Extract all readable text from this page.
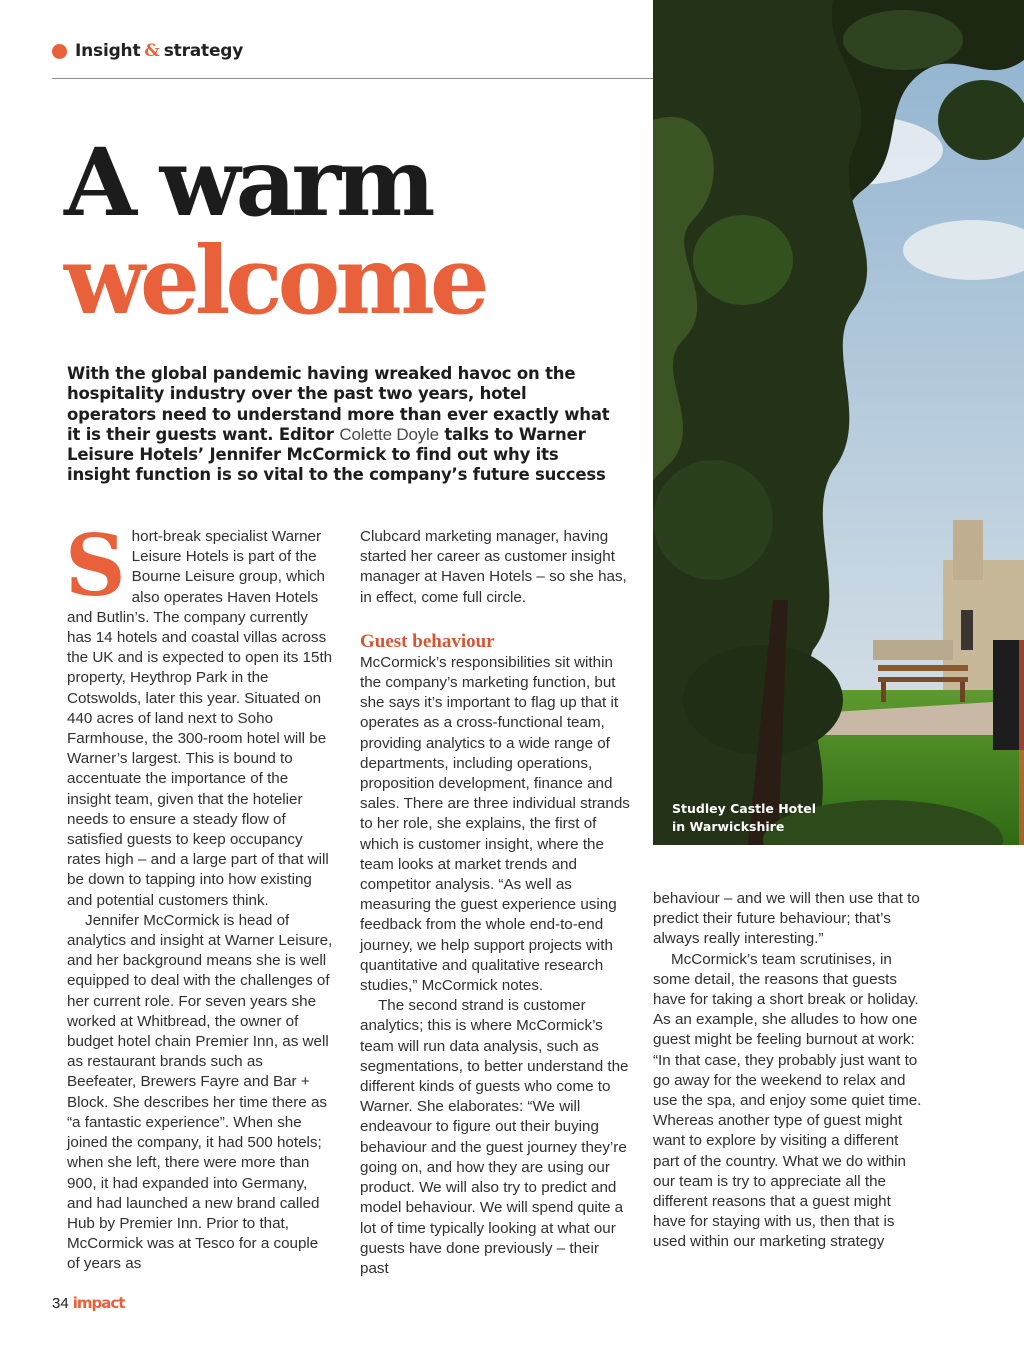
Insight & strategy
A warm
welcome
With the global pandemic having wreaked havoc on the hospitality industry over the past two years, hotel operators need to understand more than ever exactly what it is their guests want. Editor Colette Doyle talks to Warner Leisure Hotels’ Jennifer McCormick to find out why its insight function is so vital to the company’s future success
S hort-break specialist Warner Leisure Hotels is part of the Bourne Leisure group, which also operates Haven Hotels and Butlin’s. The company currently has 14 hotels and coastal villas across the UK and is expected to open its 15th property, Heythrop Park in the Cotswolds, later this year. Situated on 440 acres of land next to Soho Farmhouse, the 300-room hotel will be Warner’s largest. This is bound to accentuate the importance of the insight team, given that the hotelier needs to ensure a steady flow of satisfied guests to keep occupancy rates high – and a large part of that will be down to tapping into how existing and potential customers think.

Jennifer McCormick is head of analytics and insight at Warner Leisure, and her background means she is well equipped to deal with the challenges of her current role. For seven years she worked at Whitbread, the owner of budget hotel chain Premier Inn, as well as restaurant brands such as Beefeater, Brewers Fayre and Bar + Block. She describes her time there as “a fantastic experience”. When she joined the company, it had 500 hotels; when she left, there were more than 900, it had expanded into Germany, and had launched a new brand called Hub by Premier Inn. Prior to that, McCormick was at Tesco for a couple of years as

Clubcard marketing manager, having started her career as customer insight manager at Haven Hotels – so she has, in effect, come full circle.

Guest behaviour

McCormick’s responsibilities sit within the company’s marketing function, but she says it’s important to flag up that it operates as a cross-functional team, providing analytics to a wide range of departments, including operations, proposition development, finance and sales. There are three individual strands to her role, she explains, the first of which is customer insight, where the team looks at market trends and competitor analysis. “As well as measuring the guest experience using feedback from the whole end-to-end journey, we help support projects with quantitative and qualitative research studies,” McCormick notes.

The second strand is customer analytics; this is where McCormick’s team will run data analysis, such as segmentations, to better understand the different kinds of guests who come to Warner. She elaborates: “We will endeavour to figure out their buying behaviour and the guest journey they’re going on, and how they are using our product. We will also try to predict and model behaviour. We will spend quite a lot of time typically looking at what our guests have done previously – their past

Studley Castle Hotel
in Warwickshire

behaviour – and we will then use that to predict their future behaviour; that’s always really interesting.”

McCormick’s team scrutinises, in some detail, the reasons that guests have for taking a short break or holiday. As an example, she alludes to how one guest might be feeling burnout at work: “In that case, they probably just want to go away for the weekend to relax and use the spa, and enjoy some quiet time. Whereas another type of guest might want to explore by visiting a different part of the country. What we do within our team is try to appreciate all the different reasons that a guest might have for staying with us, then that is used within our marketing strategy

34 impact
